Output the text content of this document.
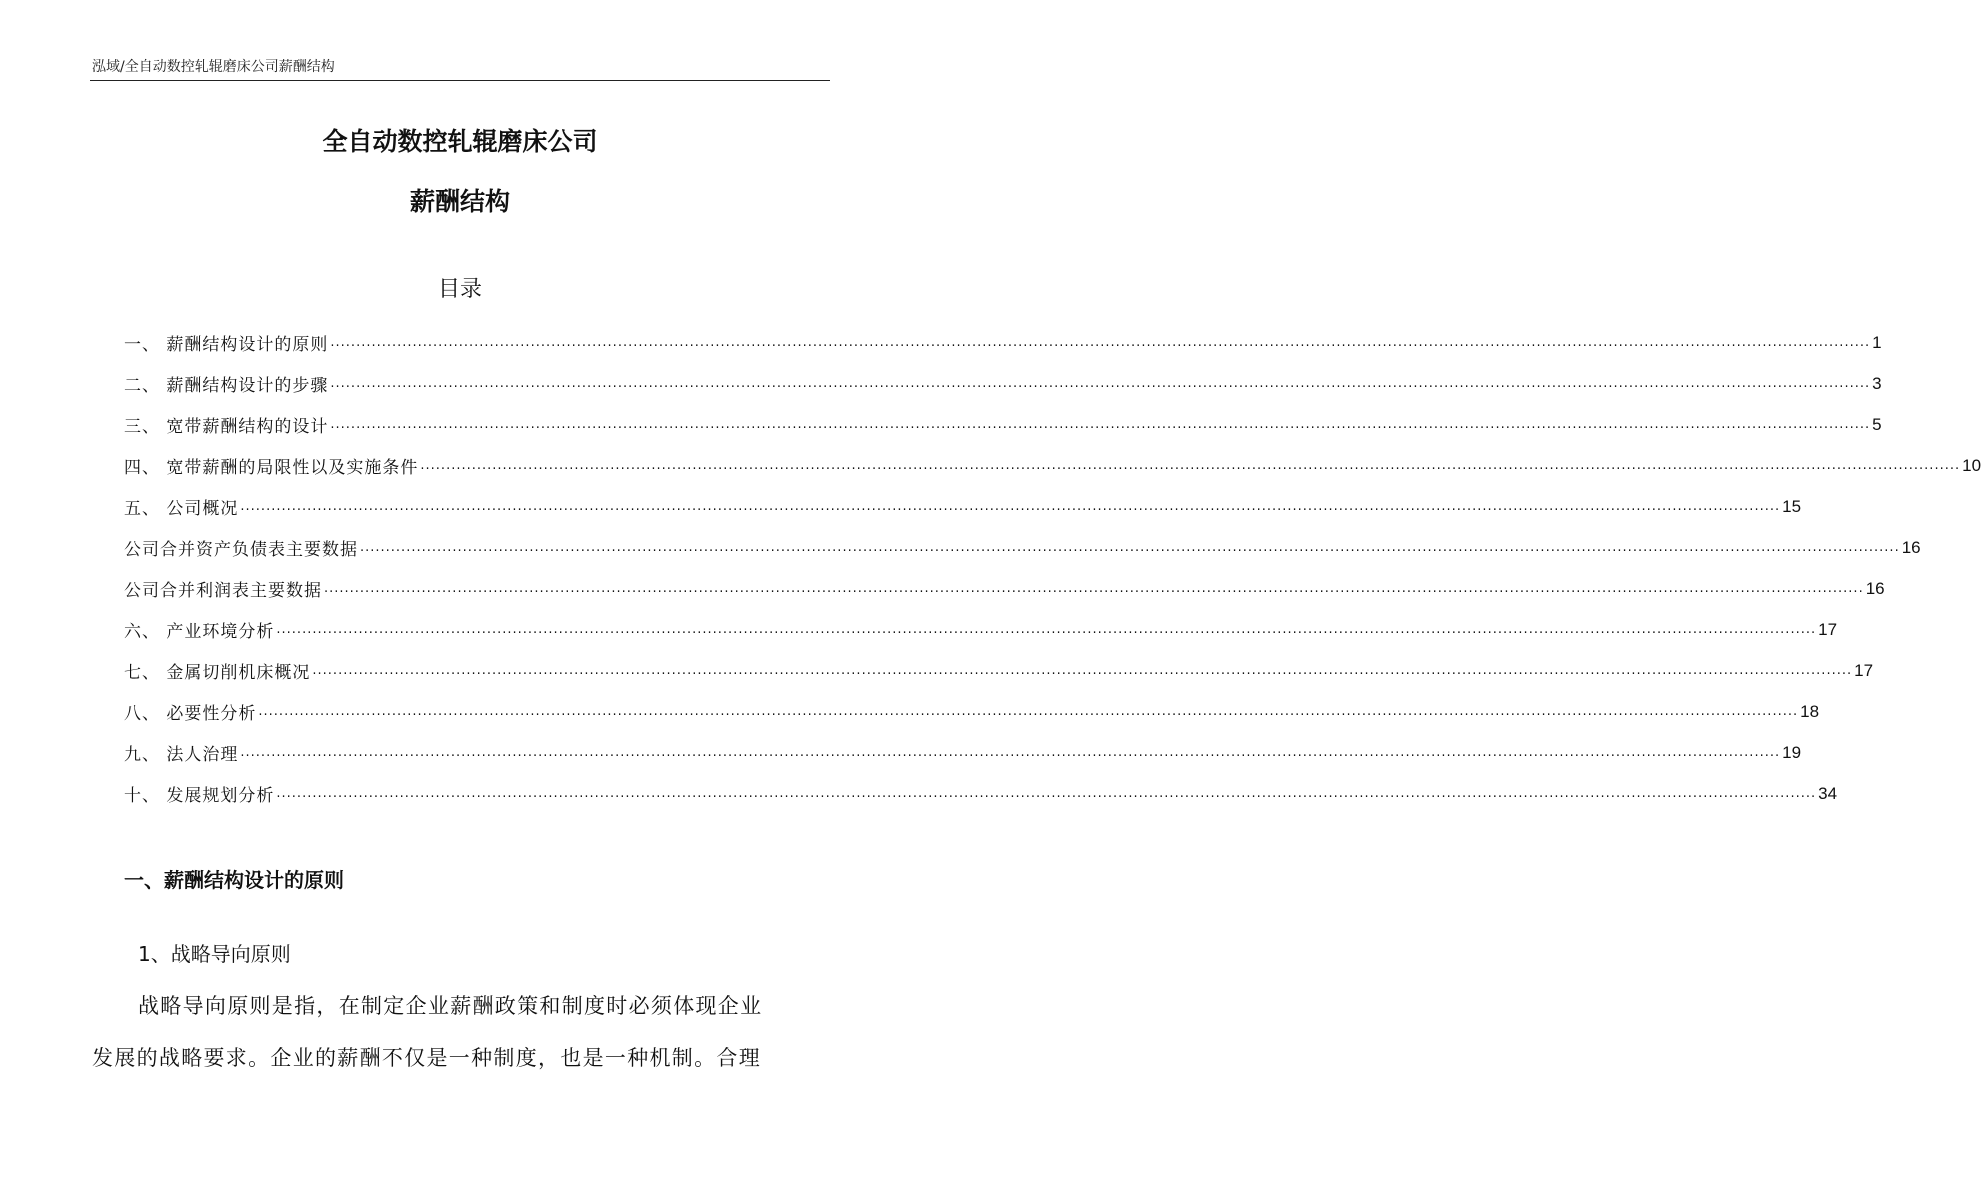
泓域/全自动数控轧辊磨床公司薪酬结构
全自动数控轧辊磨床公司
薪酬结构
目录
一、 薪酬结构设计的原则 ............................................................................................................................................................................................................................................................................................................ 1
二、 薪酬结构设计的步骤 ............................................................................................................................................................................................................................................................................................................ 3
三、 宽带薪酬结构的设计 ............................................................................................................................................................................................................................................................................................................ 5
四、 宽带薪酬的局限性以及实施条件 ............................................................................................................................................................................................................................................................................................................ 10
五、 公司概况 ............................................................................................................................................................................................................................................................................................................ 15
公司合并资产负债表主要数据 ............................................................................................................................................................................................................................................................................................................ 16
公司合并利润表主要数据 ............................................................................................................................................................................................................................................................................................................ 16
六、 产业环境分析 ............................................................................................................................................................................................................................................................................................................ 17
七、 金属切削机床概况 ............................................................................................................................................................................................................................................................................................................ 17
八、 必要性分析 ............................................................................................................................................................................................................................................................................................................ 18
九、 法人治理 ............................................................................................................................................................................................................................................................................................................ 19
十、 发展规划分析 ............................................................................................................................................................................................................................................................................................................ 34
一、薪酬结构设计的原则
1、战略导向原则
战略导向原则是指，在制定企业薪酬政策和制度时必须体现企业
发展的战略要求。企业的薪酬不仅是一种制度，也是一种机制。合理
